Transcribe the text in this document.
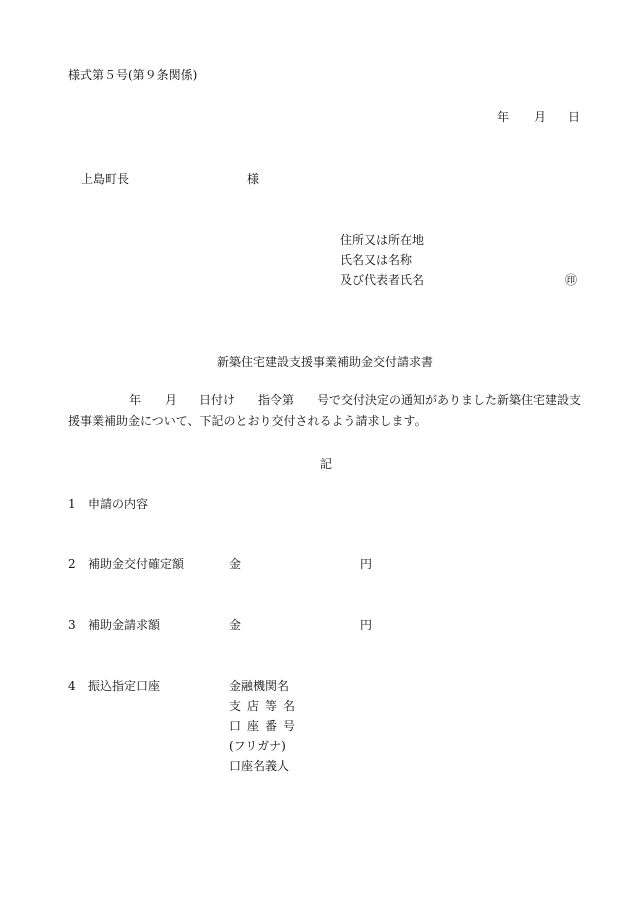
様式第５号(第９条関係)
年 月 日
上島町長	様
住所又は所在地
氏名又は名称
及び代表者氏名	㊞
新築住宅建設支援事業補助金交付請求書
年 月 日付け 指令第 号で交付決定の通知がありました新築住宅建設支
援事業補助金について、下記のとおり交付されるよう請求します。
記
1 申請の内容
2 補助金交付確定額	金	円
3 補助金請求額	金	円
4 振込指定口座	金融機関名
支店等名
口座番号
(フリガナ)
口座名義人
